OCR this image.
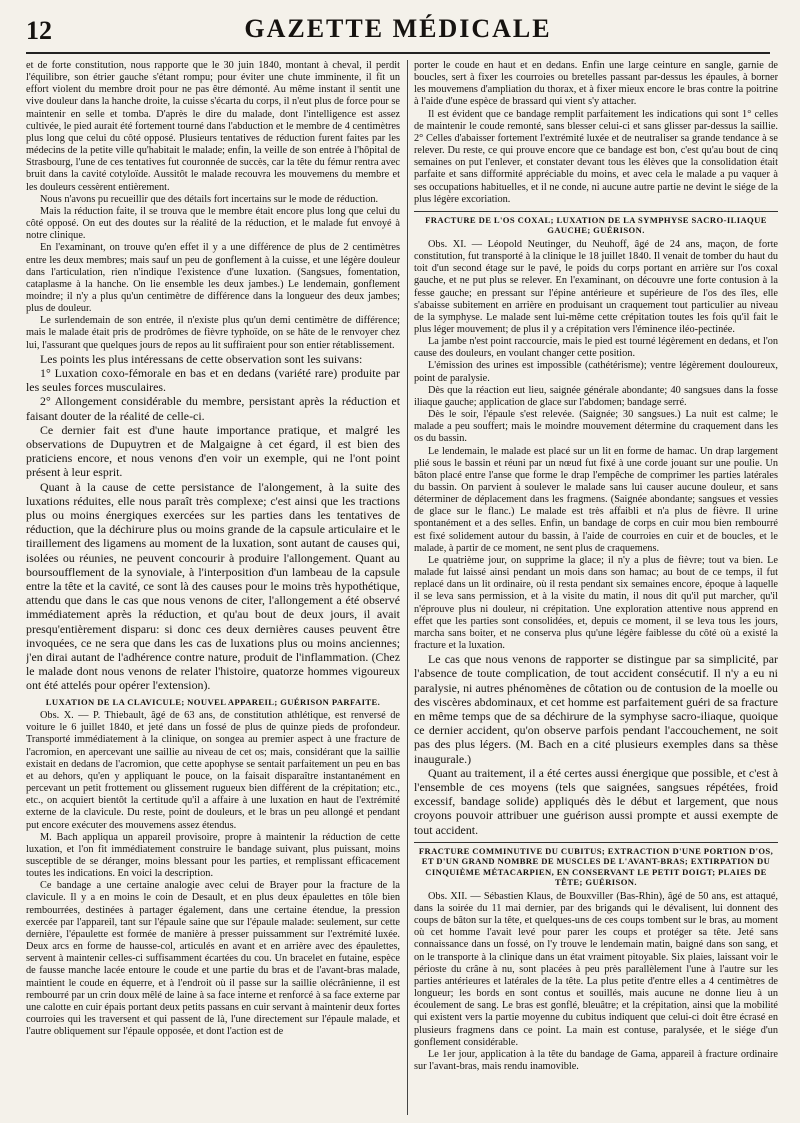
12	GAZETTE MÉDICALE

et de forte constitution, nous rapporte que le 30 juin 1840, montant à cheval, il perdit l'équilibre, son étrier gauche s'étant rompu; pour éviter une chute imminente, il fit un effort violent du membre droit pour ne pas être démonté. Au même instant il sentit une vive douleur dans la hanche droite, la cuisse s'écarta du corps, il n'eut plus de force pour se maintenir en selle et tomba. D'après le dire du malade, dont l'intelligence est assez cultivée, le pied aurait été fortement tourné dans l'abduction et le membre de 4 centimètres plus long que celui du côté opposé. Plusieurs tentatives de réduction furent faites par les médecins de la petite ville qu'habitait le malade; enfin, la veille de son entrée à l'hôpital de Strasbourg, l'une de ces tentatives fut couronnée de succès, car la tête du fémur rentra avec bruit dans la cavité cotyloïde. Aussitôt le malade recouvra les mouvemens du membre et les douleurs cessèrent entièrement.

Nous n'avons pu recueillir que des détails fort incertains sur le mode de réduction.

Mais la réduction faite, il se trouva que le membre était encore plus long que celui du côté opposé. On eut des doutes sur la réalité de la réduction, et le malade fut envoyé à notre clinique.

En l'examinant, on trouve qu'en effet il y a une différence de plus de 2 centimètres entre les deux membres; mais sauf un peu de gonflement à la cuisse, et une légère douleur dans l'articulation, rien n'indique l'existence d'une luxation. (Sangsues, fomentation, cataplasme à la hanche. On lie ensemble les deux jambes.) Le lendemain, gonflement moindre; il n'y a plus qu'un centimètre de différence dans la longueur des deux jambes; plus de douleur.

Le surlendemain de son entrée, il n'existe plus qu'un demi centimètre de différence; mais le malade était pris de prodrômes de fièvre typhoïde, on se hâte de le renvoyer chez lui, l'assurant que quelques jours de repos au lit suffiraient pour son entier rétablissement.

Les points les plus intéressans de cette observation sont les suivans:

1° Luxation coxo-fémorale en bas et en dedans (variété rare) produite par les seules forces musculaires.

2° Allongement considérable du membre, persistant après la réduction et faisant douter de la réalité de celle-ci.

Ce dernier fait est d'une haute importance pratique, et malgré les observations de Dupuytren et de Malgaigne à cet égard, il est bien des praticiens encore, et nous venons d'en voir un exemple, qui ne l'ont point présent à leur esprit.

Quant à la cause de cette persistance de l'alongement, à la suite des luxations réduites, elle nous paraît très complexe; c'est ainsi que les tractions plus ou moins énergiques exercées sur les parties dans les tentatives de réduction, que la déchirure plus ou moins grande de la capsule articulaire et le tiraillement des ligamens au moment de la luxation, sont autant de causes qui, isolées ou réunies, ne peuvent concourir à produire l'allongement. Quant au boursoufflement de la synoviale, à l'interposition d'un lambeau de la capsule entre la tête et la cavité, ce sont là des causes pour le moins très hypothétique, attendu que dans le cas que nous venons de citer, l'allongement a été observé immédiatement après la réduction, et qu'au bout de deux jours, il avait presqu'entièrement disparu: si donc ces deux dernières causes peuvent être invoquées, ce ne sera que dans les cas de luxations plus ou moins anciennes; j'en dirai autant de l'adhérence contre nature, produit de l'inflammation. (Chez le malade dont nous venons de relater l'histoire, quatorze hommes vigoureux ont été attelés pour opérer l'extension).

LUXATION DE LA CLAVICULE; NOUVEL APPAREIL; GUÉRISON PARFAITE.

Obs. X. — P. Thiebault, âgé de 63 ans, de constitution athlétique, est renversé de voiture le 6 juillet 1840, et jeté dans un fossé de plus de quinze pieds de profondeur. Transporté immédiatement à la clinique, on songea au premier aspect à une fracture de l'acromion, en apercevant une saillie au niveau de cet os; mais, considérant que la saillie existait en dedans de l'acromion, que cette apophyse se sentait parfaitement un peu en bas et au dehors, qu'en y appliquant le pouce, on la faisait disparaître instantanément en percevant un petit frottement ou glissement rugueux bien différent de la crépitation; etc., etc., on acquiert bientôt la certitude qu'il a affaire à une luxation en haut de l'extrémité externe de la clavicule. Du reste, point de douleurs, et le bras un peu allongé et pendant put encore exécuter des mouvemens assez étendus.

M. Bach appliqua un appareil provisoire, propre à maintenir la réduction de cette luxation, et l'on fit immédiatement construire le bandage suivant, plus puissant, moins susceptible de se déranger, moins blessant pour les parties, et remplissant efficacement toutes les indications. En voici la description.

Ce bandage a une certaine analogie avec celui de Brayer pour la fracture de la clavicule. Il y a en moins le coin de Desault, et en plus deux épaulettes en tôle bien rembourrées, destinées à partager également, dans une certaine étendue, la pression exercée par l'appareil, tant sur l'épaule saine que sur l'épaule malade: seulement, sur cette dernière, l'épaulette est formée de manière à presser puissamment sur l'extrémité luxée. Deux arcs en forme de hausse-col, articulés en avant et en arrière avec des épaulettes, servent à maintenir celles-ci suffisamment écartées du cou. Un bracelet en futaine, espèce de fausse manche lacée entoure le coude et une partie du bras et de l'avant-bras malade, maintient le coude en équerre, et à l'endroit où il passe sur la saillie olécrânienne, il est rembourré par un crin doux mêlé de laine à sa face interne et renforcé à sa face externe par une calotte en cuir épais portant deux petits passans en cuir servant à maintenir deux fortes courroies qui les traversent et qui passent de là, l'une directement sur l'épaule malade, et l'autre obliquement sur l'épaule opposée, et dont l'action est de

porter le coude en haut et en dedans. Enfin une large ceinture en sangle, garnie de boucles, sert à fixer les courroies ou bretelles passant par-dessus les épaules, à borner les mouvemens d'ampliation du thorax, et à fixer mieux encore le bras contre la poitrine à l'aide d'une espèce de brassard qui vient s'y attacher.

Il est évident que ce bandage remplit parfaitement les indications qui sont 1° celles de maintenir le coude remonté, sans blesser celui-ci et sans glisser par-dessus la saillie. 2° Celles d'abaisser fortement l'extrémité luxée et de neutraliser sa grande tendance à se relever. Du reste, ce qui prouve encore que ce bandage est bon, c'est qu'au bout de cinq semaines on put l'enlever, et constater devant tous les élèves que la consolidation était parfaite et sans difformité appréciable du moins, et avec cela le malade a pu vaquer à ses occupations habituelles, et il ne conde, ni aucune autre partie ne devint le siége de la plus légère excoriation.

FRACTURE DE L'OS COXAL; LUXATION DE LA SYMPHYSE SACRO-ILIAQUE GAUCHE; GUÉRISON.

Obs. XI. — Léopold Neutinger, du Neuhoff, âgé de 24 ans, maçon, de forte constitution, fut transporté à la clinique le 18 juillet 1840. Il venait de tomber du haut du toit d'un second étage sur le pavé, le poids du corps portant en arrière sur l'os coxal gauche, et ne put plus se relever. En l'examinant, on découvre une forte contusion à la fesse gauche; en pressant sur l'épine antérieure et supérieure de l'os des îles, elle s'abaisse subitement en arrière en produisant un craquement tout particulier au niveau de la symphyse. Le malade sent lui-même cette crépitation toutes les fois qu'il fait le plus léger mouvement; de plus il y a crépitation vers l'éminence iléo-pectinée.

La jambe n'est point raccourcie, mais le pied est tourné légèrement en dedans, et l'on cause des douleurs, en voulant changer cette position.

L'émission des urines est impossible (cathétérisme); ventre légèrement douloureux, point de paralysie.

Dès que la réaction eut lieu, saignée générale abondante; 40 sangsues dans la fosse iliaque gauche; application de glace sur l'abdomen; bandage serré.

Dès le soir, l'épaule s'est relevée. (Saignée; 30 sangsues.) La nuit est calme; le malade a peu souffert; mais le moindre mouvement détermine du craquement dans les os du bassin.

Le lendemain, le malade est placé sur un lit en forme de hamac. Un drap largement plié sous le bassin et réuni par un nœud fut fixé à une corde jouant sur une poulie. Un bâton placé entre l'anse que forme le drap l'empêche de comprimer les parties latérales du bassin. On parvient à soulever le malade sans lui causer aucune douleur, et sans déterminer de déplacement dans les fragmens. (Saignée abondante; sangsues et vessies de glace sur le flanc.) Le malade est très affaibli et n'a plus de fièvre. Il urine spontanément et a des selles. Enfin, un bandage de corps en cuir mou bien rembourré est fixé solidement autour du bassin, à l'aide de courroies en cuir et de boucles, et le malade, à partir de ce moment, ne sent plus de craquemens.

Le quatrième jour, on supprime la glace; il n'y a plus de fièvre; tout va bien. Le malade fut laissé ainsi pendant un mois dans son hamac; au bout de ce temps, il fut replacé dans un lit ordinaire, où il resta pendant six semaines encore, époque à laquelle il se leva sans permission, et à la visite du matin, il nous dit qu'il put marcher, qu'il n'éprouve plus ni douleur, ni crépitation. Une exploration attentive nous apprend en effet que les parties sont consolidées, et, depuis ce moment, il se leva tous les jours, marcha sans boiter, et ne conserva plus qu'une légère faiblesse du côté où a existé la fracture et la luxation.

Le cas que nous venons de rapporter se distingue par sa simplicité, par l'absence de toute complication, de tout accident consécutif. Il n'y a eu ni paralysie, ni autres phénomènes de côtation ou de contusion de la moelle ou des viscères abdominaux, et cet homme est parfaitement guéri de sa fracture en même temps que de sa déchirure de la symphyse sacro-iliaque, quoique ce dernier accident, qu'on observe parfois pendant l'accouchement, ne soit pas des plus légers. (M. Bach en a cité plusieurs exemples dans sa thèse inaugurale.)

Quant au traitement, il a été certes aussi énergique que possible, et c'est à l'ensemble de ces moyens (tels que saignées, sangsues répétées, froid excessif, bandage solide) appliqués dès le début et largement, que nous croyons pouvoir attribuer une guérison aussi prompte et aussi exempte de tout accident.

FRACTURE COMMINUTIVE DU CUBITUS; EXTRACTION D'UNE PORTION D'OS, ET D'UN GRAND NOMBRE DE MUSCLES DE L'AVANT-BRAS; EXTIRPATION DU CINQUIÈME MÉTACARPIEN, EN CONSERVANT LE PETIT DOIGT; PLAIES DE TÊTE; GUÉRISON.

Obs. XII. — Sébastien Klaus, de Bouxviller (Bas-Rhin), âgé de 50 ans, est attaqué, dans la soirée du 11 mai dernier, par des brigands qui le dévalisent, lui donnent des coups de bâton sur la tête, et quelques-uns de ces coups tombent sur le bras, au moment où cet homme l'avait levé pour parer les coups et protéger sa tête. Jeté sans connaissance dans un fossé, on l'y trouve le lendemain matin, baigné dans son sang, et on le transporte à la clinique dans un état vraiment pitoyable. Six plaies, laissant voir le périoste du crâne à nu, sont placées à peu près parallèlement l'une à l'autre sur les parties antérieures et latérales de la tête. La plus petite d'entre elles a 4 centimètres de longueur; les bords en sont contus et souillés, mais aucune ne donne lieu à un écoulement de sang. Le bras est gonflé, bleuâtre; et la crépitation, ainsi que la mobilité qui existent vers la partie moyenne du cubitus indiquent que celui-ci doit être écrasé en plusieurs fragmens dans ce point. La main est contuse, paralysée, et le siége d'un gonflement considérable.

Le 1er jour, application à la tête du bandage de Gama, appareil à fracture ordinaire sur l'avant-bras, mais rendu inamovible.
